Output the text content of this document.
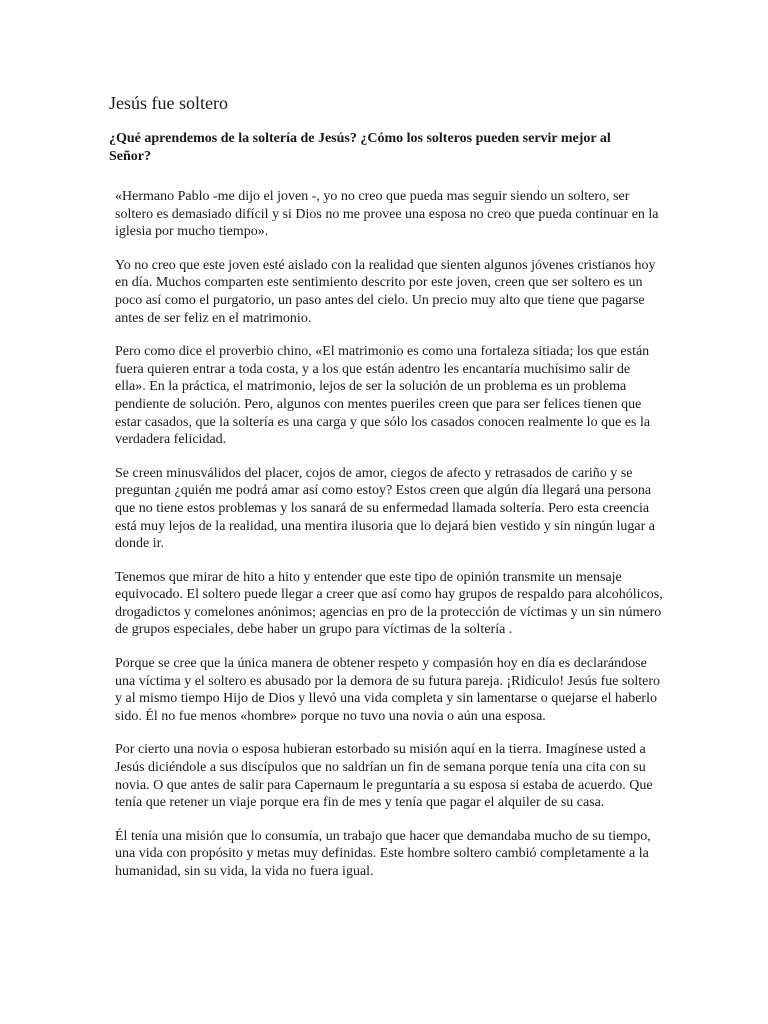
Jesús fue soltero
¿Qué aprendemos de la soltería de Jesús? ¿Cómo los solteros pueden servir mejor al Señor?

«Hermano Pablo -me dijo el joven -, yo no creo que pueda mas seguir siendo un soltero, ser soltero es demasiado difícil y si Dios no me provee una esposa no creo que pueda continuar en la iglesia por mucho tiempo».

Yo no creo que este joven esté aislado con la realidad que sienten algunos jóvenes cristianos hoy en día. Muchos comparten este sentimiento descrito por este joven, creen que ser soltero es un poco así como el purgatorio, un paso antes del cielo. Un precio muy alto que tiene que pagarse antes de ser feliz en el matrimonio.

Pero como dice el proverbio chino, «El matrimonio es como una fortaleza sitiada; los que están fuera quieren entrar a toda costa, y a los que están adentro les encantaría muchísimo salir de ella». En la práctica, el matrimonio, lejos de ser la solución de un problema es un problema pendiente de solución. Pero, algunos con mentes pueriles creen que para ser felices tienen que estar casados, que la soltería es una carga y que sólo los casados conocen realmente lo que es la verdadera felicidad.

Se creen minusválidos del placer, cojos de amor, ciegos de afecto y retrasados de cariño y se preguntan ¿quién me podrá amar así como estoy? Estos creen que algún día llegará una persona que no tiene estos problemas y los sanará de su enfermedad llamada soltería. Pero esta creencia está muy lejos de la realidad, una mentira ilusoria que lo dejará bien vestido y sin ningún lugar a donde ir.

Tenemos que mirar de hito a hito y entender que este tipo de opinión transmite un mensaje equivocado. El soltero puede llegar a creer que así como hay grupos de respaldo para alcohólicos, drogadictos y comelones anónimos; agencias en pro de la protección de víctimas y un sin número de grupos especiales, debe haber un grupo para víctimas de la soltería .

Porque se cree que la única manera de obtener respeto y compasión hoy en día es declarándose una víctima y el soltero es abusado por la demora de su futura pareja. ¡Ridículo! Jesús fue soltero y al mismo tiempo Hijo de Dios y llevó una vida completa y sin lamentarse o quejarse el haberlo sido. Él no fue menos «hombre» porque no tuvo una novia o aún una esposa.

Por cierto una novia o esposa hubieran estorbado su misión aquí en la tierra. Imagínese usted a Jesús diciéndole a sus discípulos que no saldrían un fin de semana porque tenía una cita con su novia. O que antes de salir para Capernaum le preguntaría a su esposa si estaba de acuerdo. Que tenía que retener un viaje porque era fin de mes y tenía que pagar el alquiler de su casa.

Él tenía una misión que lo consumía, un trabajo que hacer que demandaba mucho de su tiempo, una vida con propósito y metas muy definidas. Este hombre soltero cambió completamente a la humanidad, sin su vida, la vida no fuera igual.
